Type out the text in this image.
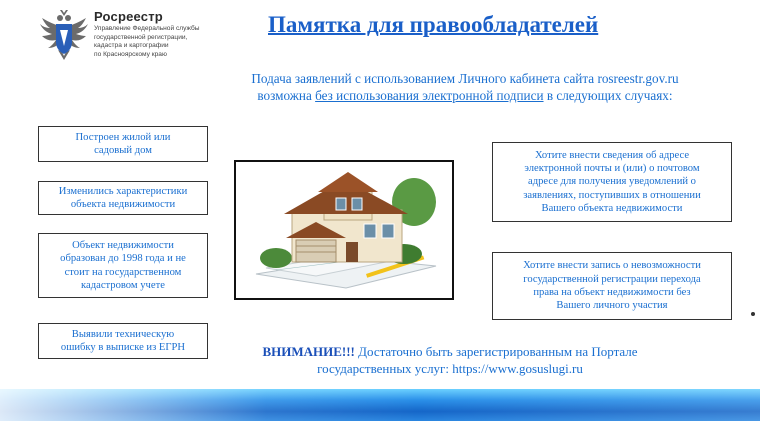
Росреестр
Управление Федеральной службы
государственной регистрации,
кадастра и картографии
по Красноярскому краю
Памятка для правообладателей
Подача заявлений с использованием Личного кабинета сайта rosreestr.gov.ru
возможна без использования электронной подписи в следующих случаях:
Построен жилой или
садовый дом
Изменились характеристики
объекта недвижимости
Объект недвижимости
образован до 1998 года и не
стоит на государственном
кадастровом учете
Выявили техническую
ошибку в выписке из ЕГРН
Хотите внести сведения об адресе
электронной почты и (или) о почтовом
адресе для получения уведомлений о
заявлениях, поступивших в отношении
Вашего объекта недвижимости
Хотите внести запись о невозможности
государственной регистрации перехода
права на объект недвижимости без
Вашего личного участия
ВНИМАНИЕ!!! Достаточно быть зарегистрированным на Портале
государственных услуг: https://www.gosuslugi.ru
